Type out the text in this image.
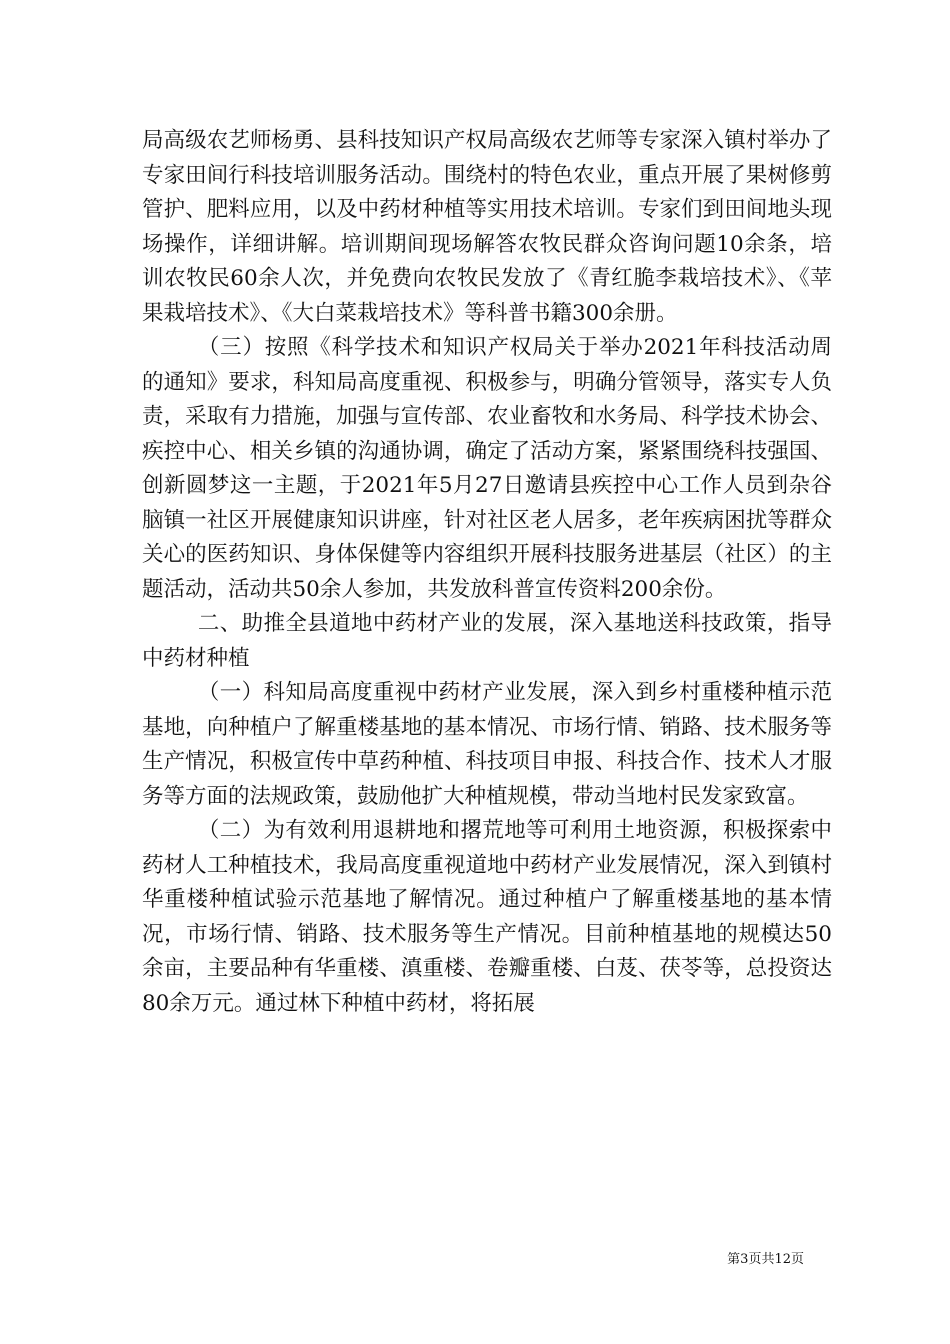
局高级农艺师杨勇、县科技知识产权局高级农艺师等专家深入镇村举办了专家田间行科技培训服务活动。围绕村的特色农业，重点开展了果树修剪管护、肥料应用，以及中药材种植等实用技术培训。专家们到田间地头现场操作，详细讲解。培训期间现场解答农牧民群众咨询问题10余条，培训农牧民60余人次，并免费向农牧民发放了《青红脆李栽培技术》、《苹果栽培技术》、《大白菜栽培技术》等科普书籍300余册。

（三）按照《科学技术和知识产权局关于举办2021年科技活动周的通知》要求，科知局高度重视、积极参与，明确分管领导，落实专人负责，采取有力措施，加强与宣传部、农业畜牧和水务局、科学技术协会、疾控中心、相关乡镇的沟通协调，确定了活动方案，紧紧围绕科技强国、创新圆梦这一主题，于2021年5月27日邀请县疾控中心工作人员到杂谷脑镇一社区开展健康知识讲座，针对社区老人居多，老年疾病困扰等群众关心的医药知识、身体保健等内容组织开展科技服务进基层（社区）的主题活动，活动共50余人参加，共发放科普宣传资料200余份。

二、助推全县道地中药材产业的发展，深入基地送科技政策，指导中药材种植

（一）科知局高度重视中药材产业发展，深入到乡村重楼种植示范基地，向种植户了解重楼基地的基本情况、市场行情、销路、技术服务等生产情况，积极宣传中草药种植、科技项目申报、科技合作、技术人才服务等方面的法规政策，鼓励他扩大种植规模，带动当地村民发家致富。

（二）为有效利用退耕地和撂荒地等可利用土地资源，积极探索中药材人工种植技术，我局高度重视道地中药材产业发展情况，深入到镇村华重楼种植试验示范基地了解情况。通过种植户了解重楼基地的基本情况，市场行情、销路、技术服务等生产情况。目前种植基地的规模达50余亩，主要品种有华重楼、滇重楼、卷瓣重楼、白芨、茯苓等，总投资达80余万元。通过林下种植中药材，将拓展

第3页共12页
